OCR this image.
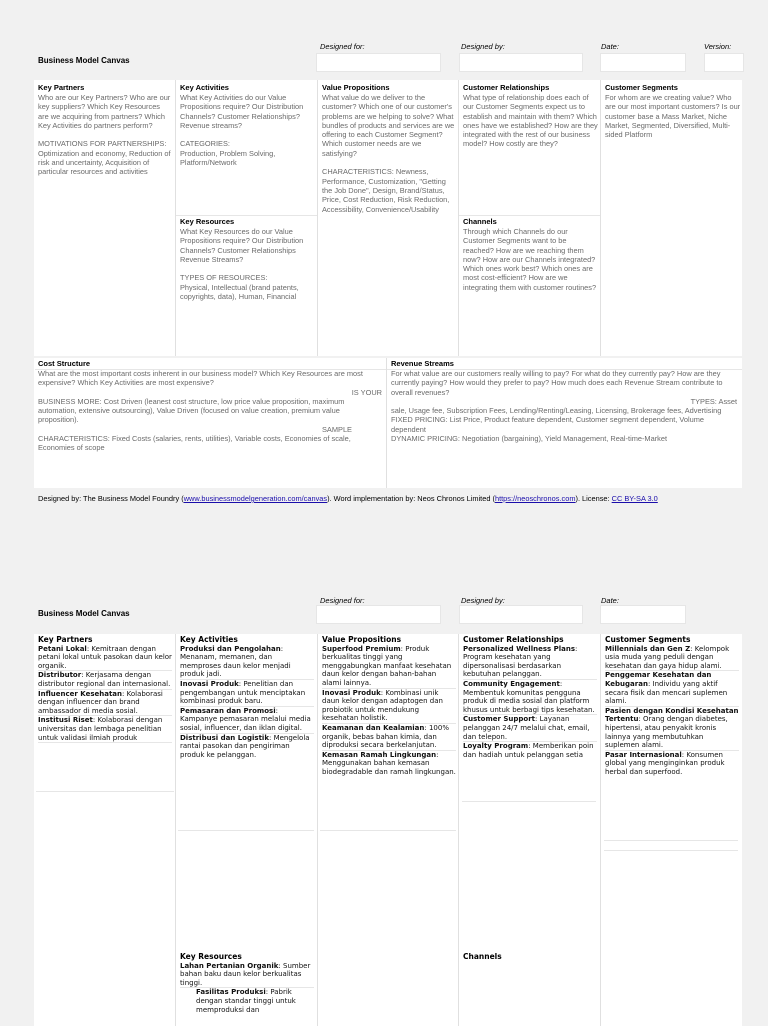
Business Model Canvas
Designed for:	Designed by:	Date:	Version:
Key Partners
Who are our Key Partners? Who are our key suppliers? Which Key Resources are we acquiring from partners? Which Key Activities do partners perform?

MOTIVATIONS FOR PARTNERSHIPS: Optimization and economy, Reduction of risk and uncertainty, Acquisition of particular resources and activities
Key Activities
What Key Activities do our Value Propositions require? Our Distribution Channels? Customer Relationships? Revenue streams?

CATEGORIES:
Production, Problem Solving, Platform/Network
Value Propositions
What value do we deliver to the customer? Which one of our customer's problems are we helping to solve? What bundles of products and services are we offering to each Customer Segment? Which customer needs are we satisfying?

CHARACTERISTICS: Newness, Performance, Customization, "Getting the Job Done", Design, Brand/Status, Price, Cost Reduction, Risk Reduction, Accessibility, Convenience/Usability
Customer Relationships
What type of relationship does each of our Customer Segments expect us to establish and maintain with them? Which ones have we established? How are they integrated with the rest of our business model? How costly are they?
Customer Segments
For whom are we creating value? Who are our most important customers? Is our customer base a Mass Market, Niche Market, Segmented, Diversified, Multi-sided Platform
Key Resources
What Key Resources do our Value Propositions require? Our Distribution Channels? Customer Relationships Revenue Streams?

TYPES OF RESOURCES:
Physical, Intellectual (brand patents, copyrights, data), Human, Financial
Channels
Through which Channels do our Customer Segments want to be reached? How are we reaching them now? How are our Channels integrated? Which ones work best? Which ones are most cost-efficient? How are we integrating them with customer routines?
Cost Structure
What are the most important costs inherent in our business model? Which Key Resources are most expensive? Which Key Activities are most expensive?
IS YOUR
BUSINESS MORE: Cost Driven (leanest cost structure, low price value proposition, maximum automation, extensive outsourcing), Value Driven (focused on value creation, premium value proposition).
SAMPLE
CHARACTERISTICS: Fixed Costs (salaries, rents, utilities), Variable costs, Economies of scale, Economies of scope
Revenue Streams
For what value are our customers really willing to pay? For what do they currently pay? How are they currently paying? How would they prefer to pay? How much does each Revenue Stream contribute to overall revenues?
TYPES: Asset
sale, Usage fee, Subscription Fees, Lending/Renting/Leasing, Licensing, Brokerage fees, Advertising
FIXED PRICING: List Price, Product feature dependent, Customer segment dependent, Volume dependent
DYNAMIC PRICING: Negotiation (bargaining), Yield Management, Real-time-Market
Designed by: The Business Model Foundry (www.businessmodelgeneration.com/canvas). Word implementation by: Neos Chronos Limited (https://neoschronos.com). License: CC BY-SA 3.0
Business Model Canvas
Designed for:	Designed by:	Date:
Key Partners
Petani Lokal: Kemitraan dengan petani lokal untuk pasokan daun kelor organik.
Distributor: Kerjasama dengan distributor regional dan internasional.
Influencer Kesehatan: Kolaborasi dengan influencer dan brand ambassador di media sosial.
Institusi Riset: Kolaborasi dengan universitas dan lembaga penelitian untuk validasi ilmiah produk
Key Activities
Produksi dan Pengolahan: Menanam, memanen, dan memproses daun kelor menjadi produk jadi.
Inovasi Produk: Penelitian dan pengembangan untuk menciptakan kombinasi produk baru.
Pemasaran dan Promosi: Kampanye pemasaran melalui media sosial, influencer, dan iklan digital.
Distribusi dan Logistik: Mengelola rantai pasokan dan pengiriman produk ke pelanggan.
Value Propositions
Superfood Premium: Produk berkualitas tinggi yang menggabungkan manfaat kesehatan daun kelor dengan bahan-bahan alami lainnya.
Inovasi Produk: Kombinasi unik daun kelor dengan adaptogen dan probiotik untuk mendukung kesehatan holistik.
Keamanan dan Kealamian: 100% organik, bebas bahan kimia, dan diproduksi secara berkelanjutan.
Kemasan Ramah Lingkungan: Menggunakan bahan kemasan biodegradable dan ramah lingkungan.
Customer Relationships
Personalized Wellness Plans: Program kesehatan yang dipersonalisasi berdasarkan kebutuhan pelanggan.
Community Engagement: Membentuk komunitas pengguna produk di media sosial dan platform khusus untuk berbagi tips kesehatan.
Customer Support: Layanan pelanggan 24/7 melalui chat, email, dan telepon.
Loyalty Program: Memberikan poin dan hadiah untuk pelanggan setia
Customer Segments
Millennials dan Gen Z: Kelompok usia muda yang peduli dengan kesehatan dan gaya hidup alami.
Penggemar Kesehatan dan Kebugaran: Individu yang aktif secara fisik dan mencari suplemen alami.
Pasien dengan Kondisi Kesehatan Tertentu: Orang dengan diabetes, hipertensi, atau penyakit kronis lainnya yang membutuhkan suplemen alami.
Pasar Internasional: Konsumen global yang menginginkan produk herbal dan superfood.
Key Resources
Lahan Pertanian Organik: Sumber bahan baku daun kelor berkualitas tinggi.
Fasilitas Produksi: Pabrik dengan standar tinggi untuk memproduksi dan
Channels
